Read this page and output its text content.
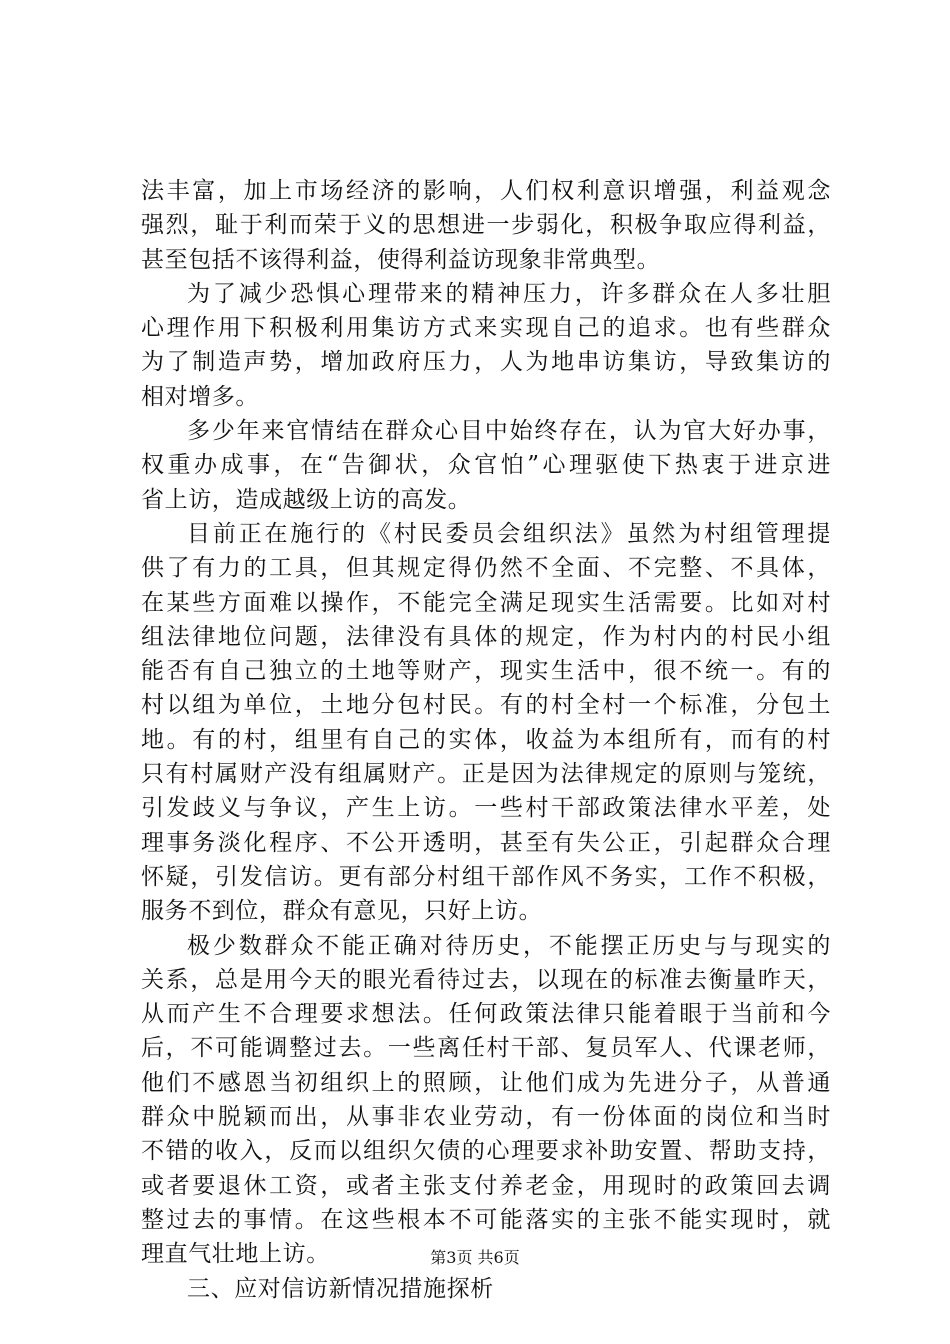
法丰富，加上市场经济的影响，人们权利意识增强，利益观念
强烈，耻于利而荣于义的思想进一步弱化，积极争取应得利益，
甚至包括不该得利益，使得利益访现象非常典型。
为了减少恐惧心理带来的精神压力，许多群众在人多壮胆
心理作用下积极利用集访方式来实现自己的追求。也有些群众
为了制造声势，增加政府压力，人为地串访集访，导致集访的
相对增多。
多少年来官情结在群众心目中始终存在，认为官大好办事，
权重办成事，在“告御状，众官怕”心理驱使下热衷于进京进
省上访，造成越级上访的高发。
目前正在施行的《村民委员会组织法》虽然为村组管理提
供了有力的工具，但其规定得仍然不全面、不完整、不具体，
在某些方面难以操作，不能完全满足现实生活需要。比如对村
组法律地位问题，法律没有具体的规定，作为村内的村民小组
能否有自己独立的土地等财产，现实生活中，很不统一。有的
村以组为单位，土地分包村民。有的村全村一个标准，分包土
地。有的村，组里有自己的实体，收益为本组所有，而有的村
只有村属财产没有组属财产。正是因为法律规定的原则与笼统，
引发歧义与争议，产生上访。一些村干部政策法律水平差，处
理事务淡化程序、不公开透明，甚至有失公正，引起群众合理
怀疑，引发信访。更有部分村组干部作风不务实，工作不积极，
服务不到位，群众有意见，只好上访。
极少数群众不能正确对待历史，不能摆正历史与与现实的
关系，总是用今天的眼光看待过去，以现在的标准去衡量昨天，
从而产生不合理要求想法。任何政策法律只能着眼于当前和今
后，不可能调整过去。一些离任村干部、复员军人、代课老师，
他们不感恩当初组织上的照顾，让他们成为先进分子，从普通
群众中脱颖而出，从事非农业劳动，有一份体面的岗位和当时
不错的收入，反而以组织欠债的心理要求补助安置、帮助支持，
或者要退休工资，或者主张支付养老金，用现时的政策回去调
整过去的事情。在这些根本不可能落实的主张不能实现时，就
理直气壮地上访。
三、应对信访新情况措施探析
第3页 共6页
